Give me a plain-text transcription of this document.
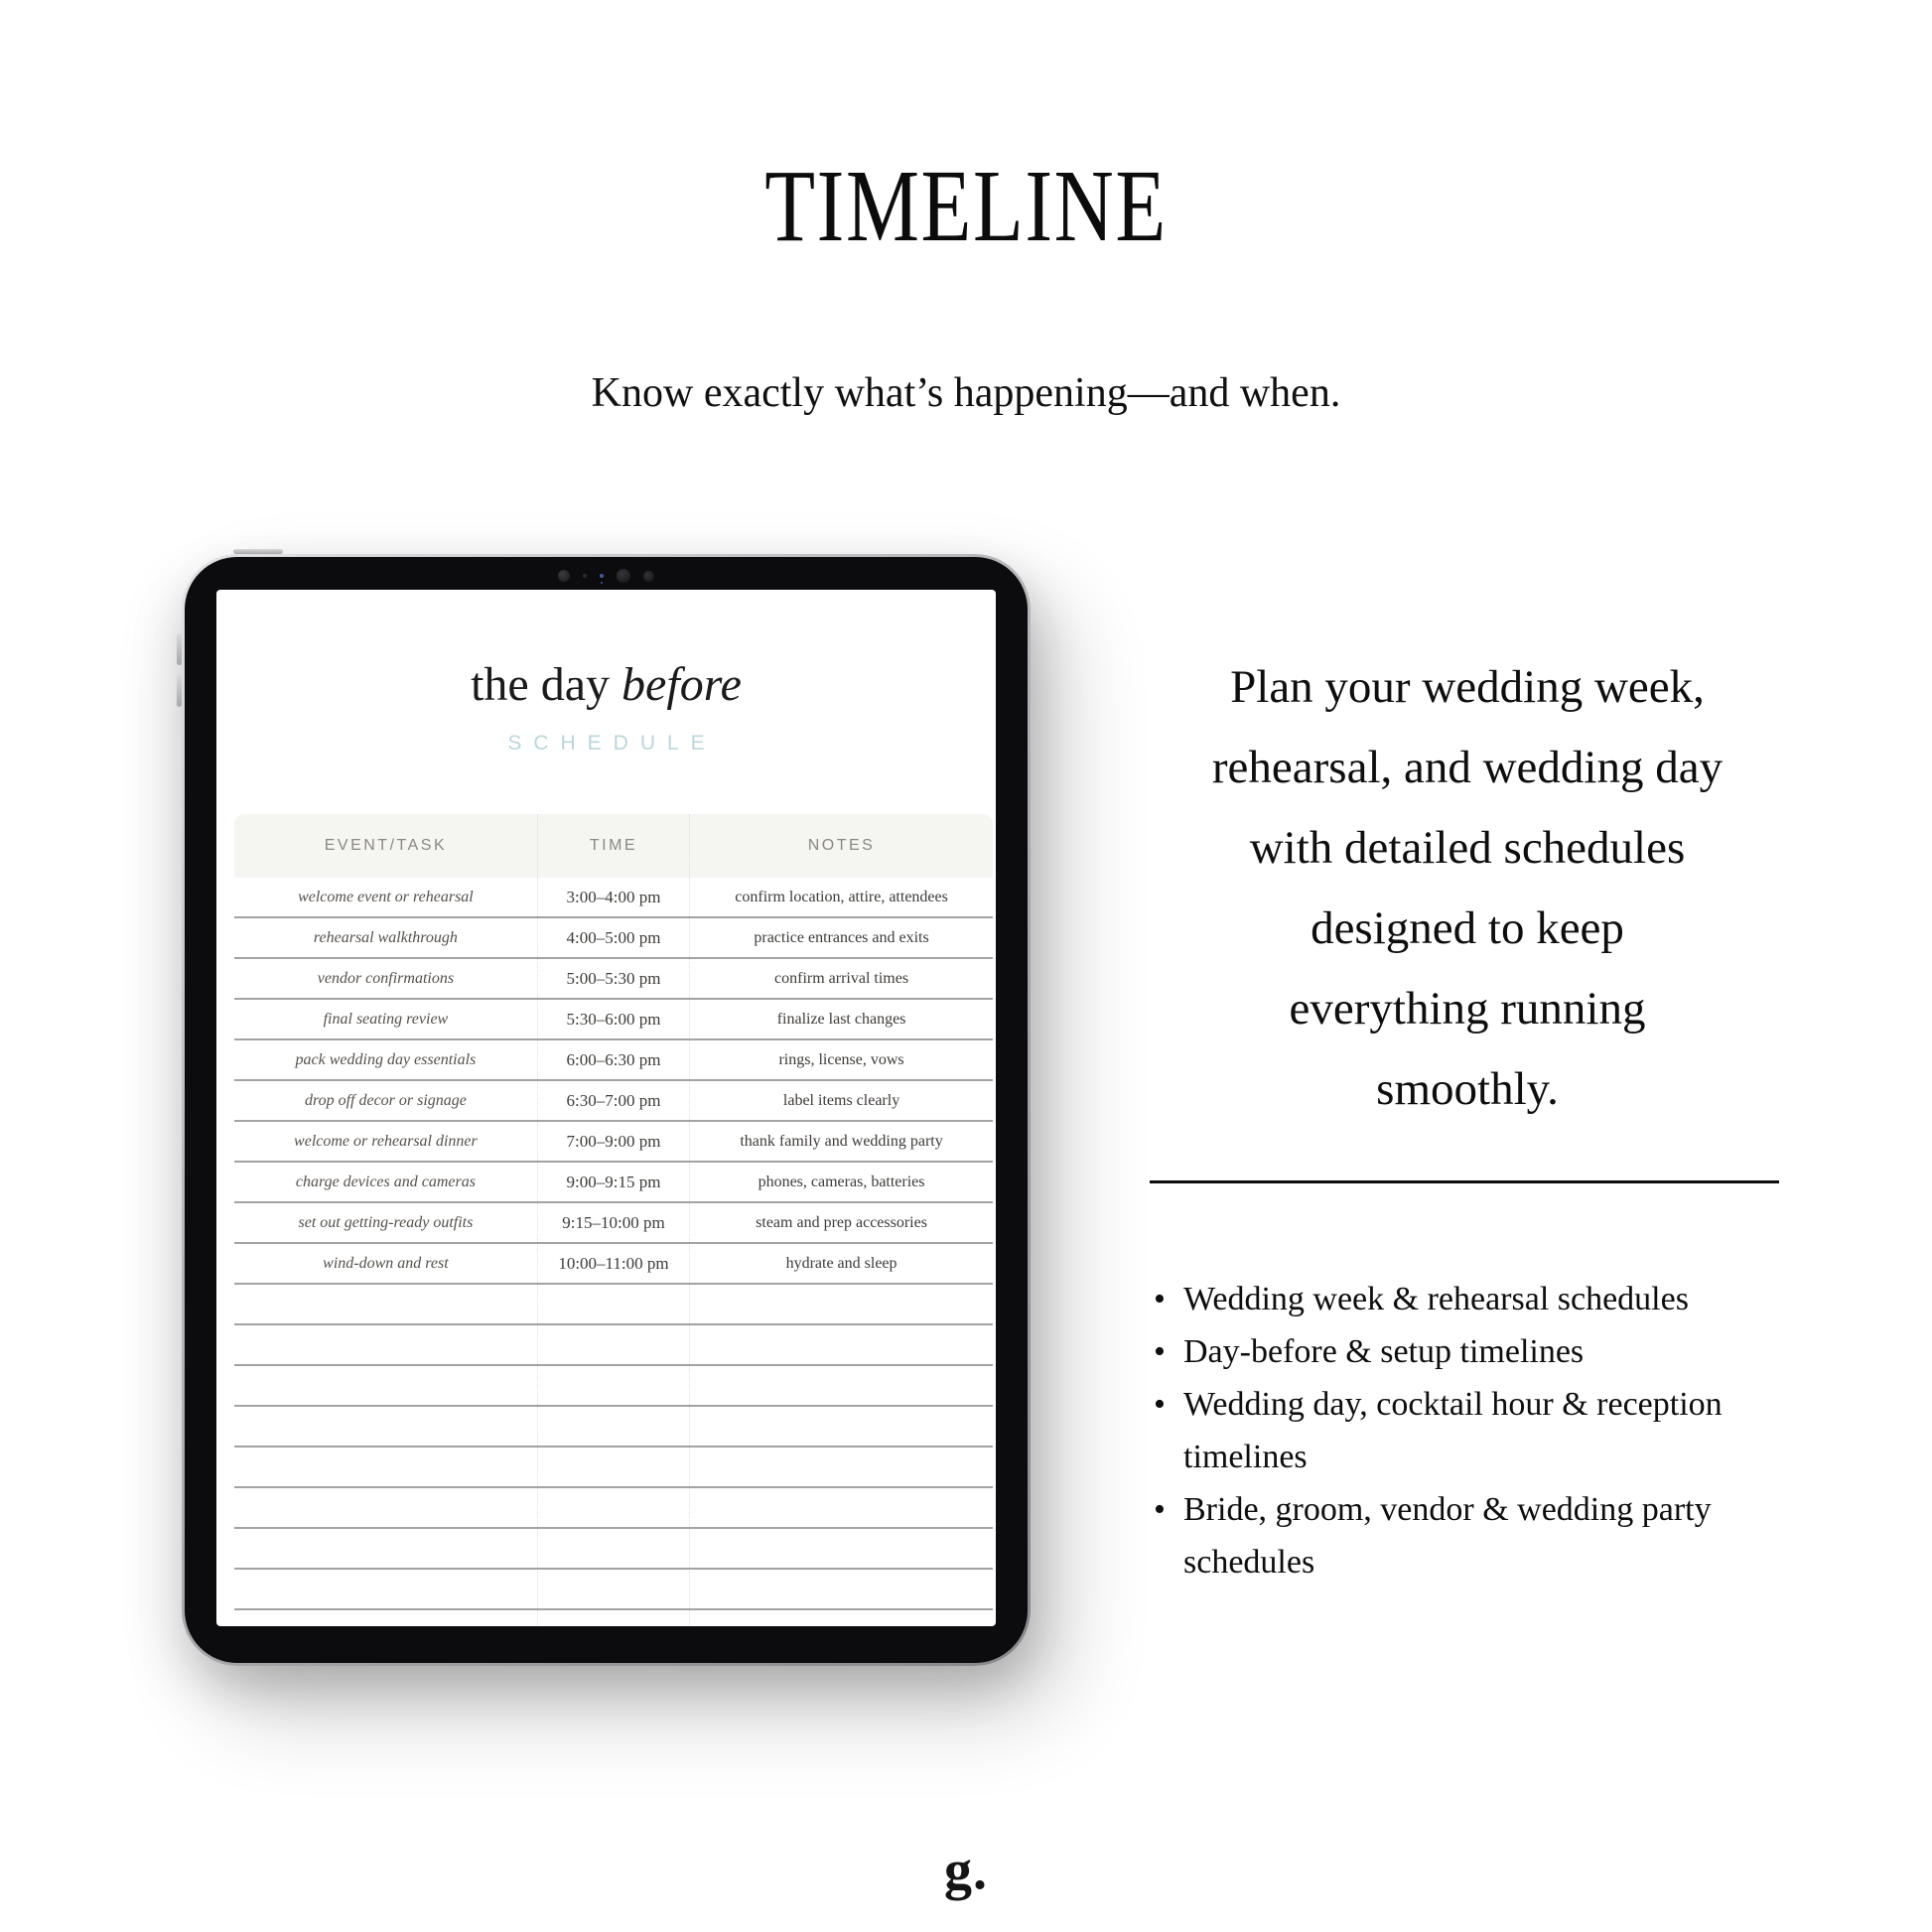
TIMELINE
Know exactly what’s happening—and when.
the day before
SCHEDULE
EVENT/TASK	TIME	NOTES
welcome event or rehearsal	3:00–4:00 pm	confirm location, attire, attendees
rehearsal walkthrough	4:00–5:00 pm	practice entrances and exits
vendor confirmations	5:00–5:30 pm	confirm arrival times
final seating review	5:30–6:00 pm	finalize last changes
pack wedding day essentials	6:00–6:30 pm	rings, license, vows
drop off decor or signage	6:30–7:00 pm	label items clearly
welcome or rehearsal dinner	7:00–9:00 pm	thank family and wedding party
charge devices and cameras	9:00–9:15 pm	phones, cameras, batteries
set out getting-ready outfits	9:15–10:00 pm	steam and prep accessories
wind-down and rest	10:00–11:00 pm	hydrate and sleep
Plan your wedding week,
rehearsal, and wedding day
with detailed schedules
designed to keep
everything running
smoothly.
• Wedding week & rehearsal schedules
• Day-before & setup timelines
• Wedding day, cocktail hour & reception timelines
• Bride, groom, vendor & wedding party schedules
g.
